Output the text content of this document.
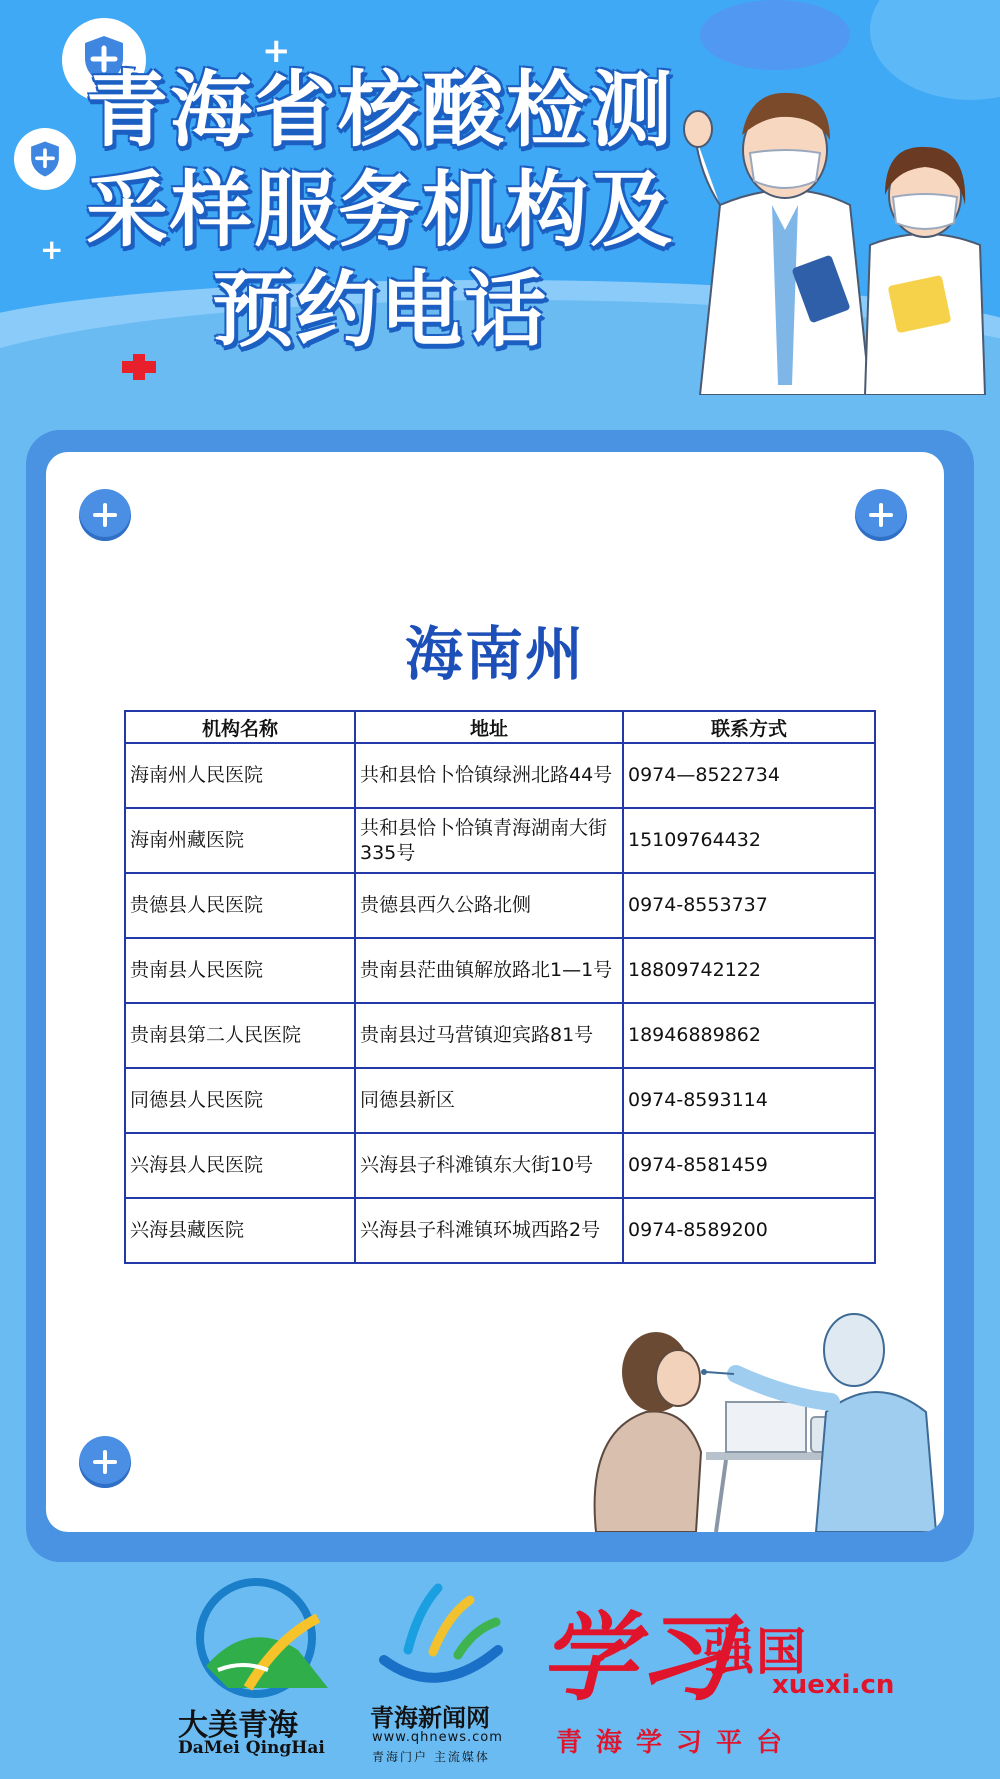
+
+
青海省核酸检测
采样服务机构及
预约电话
海南州
机构名称	地址	联系方式
海南州人民医院	共和县恰卜恰镇绿洲北路44号	0974—8522734
海南州藏医院	共和县恰卜恰镇青海湖南大街335号	15109764432
贵德县人民医院	贵德县西久公路北侧	0974-8553737
贵南县人民医院	贵南县茫曲镇解放路北1—1号	18809742122
贵南县第二人民医院	贵南县过马营镇迎宾路81号	18946889862
同德县人民医院	同德县新区	0974-8593114
兴海县人民医院	兴海县子科滩镇东大街10号	0974-8581459
兴海县藏医院	兴海县子科滩镇环城西路2号	0974-8589200
大美青海
DaMei QingHai
青海新闻网
www.qhnews.com
青海门户 主流媒体
学习
强国
xuexi.cn
青海学习平台
